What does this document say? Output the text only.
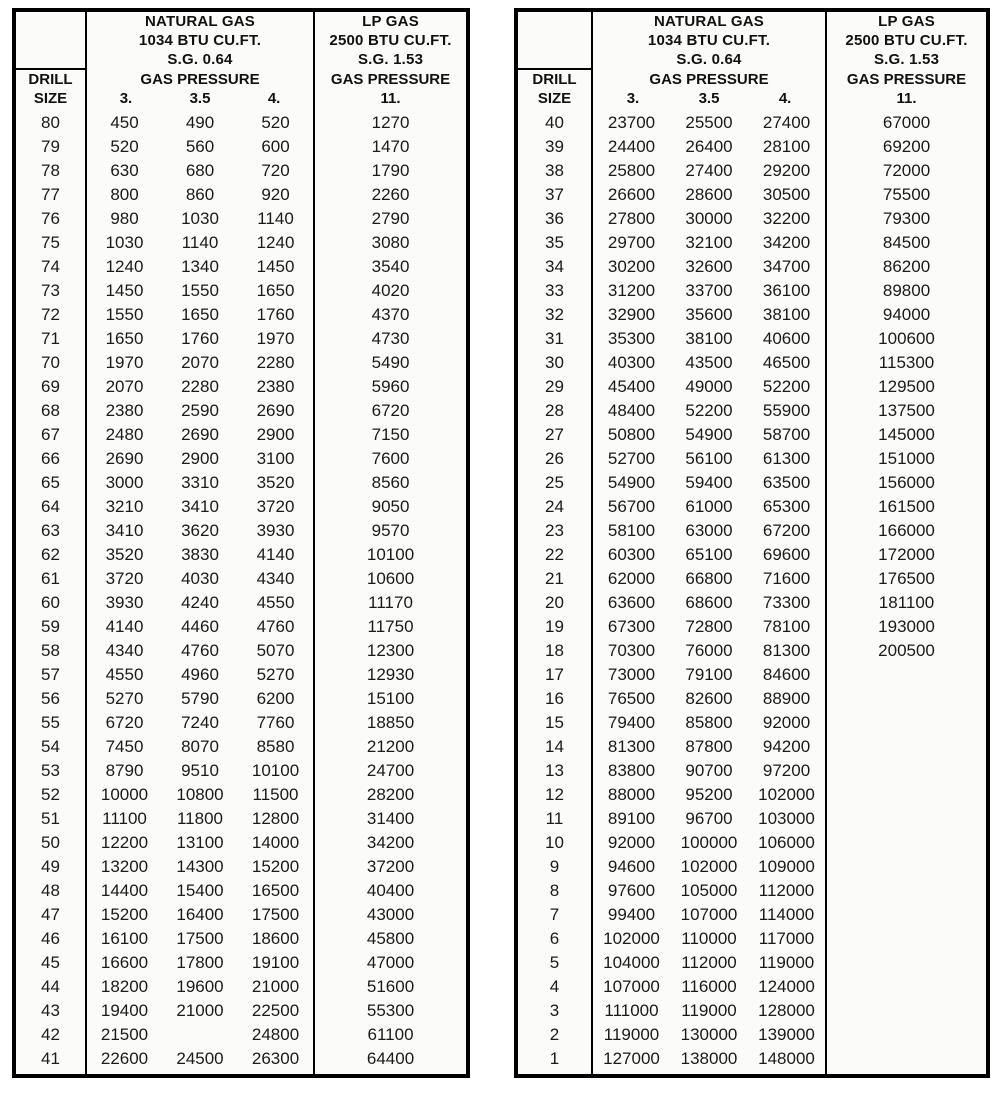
	NATURAL GAS
1034 BTU CU.FT.
S.G. 0.64			LP GAS
2500 BTU CU.FT.
S.G. 1.53

DRILL
SIZE	GAS PRESSURE
3. 3.5 4.			GAS PRESSURE
11.

80	450	490	520	1270
79	520	560	600	1470
78	630	680	720	1790
77	800	860	920	2260
76	980	1030	1140	2790
75	1030	1140	1240	3080
74	1240	1340	1450	3540
73	1450	1550	1650	4020
72	1550	1650	1760	4370
71	1650	1760	1970	4730
70	1970	2070	2280	5490
69	2070	2280	2380	5960
68	2380	2590	2690	6720
67	2480	2690	2900	7150
66	2690	2900	3100	7600
65	3000	3310	3520	8560
64	3210	3410	3720	9050
63	3410	3620	3930	9570
62	3520	3830	4140	10100
61	3720	4030	4340	10600
60	3930	4240	4550	11170
59	4140	4460	4760	11750
58	4340	4760	5070	12300
57	4550	4960	5270	12930
56	5270	5790	6200	15100
55	6720	7240	7760	18850
54	7450	8070	8580	21200
53	8790	9510	10100	24700
52	10000	10800	11500	28200
51	11100	11800	12800	31400
50	12200	13100	14000	34200
49	13200	14300	15200	37200
48	14400	15400	16500	40400
47	15200	16400	17500	43000
46	16100	17500	18600	45800
45	16600	17800	19100	47000
44	18200	19600	21000	51600
43	19400	21000	22500	55300
42	21500		24800	61100
41	22600	24500	26300	64400

	NATURAL GAS
1034 BTU CU.FT.
S.G. 0.64			LP GAS
2500 BTU CU.FT.
S.G. 1.53

DRILL
SIZE	GAS PRESSURE
3. 3.5 4.			GAS PRESSURE
11.

40	23700	25500	27400	67000
39	24400	26400	28100	69200
38	25800	27400	29200	72000
37	26600	28600	30500	75500
36	27800	30000	32200	79300
35	29700	32100	34200	84500
34	30200	32600	34700	86200
33	31200	33700	36100	89800
32	32900	35600	38100	94000
31	35300	38100	40600	100600
30	40300	43500	46500	115300
29	45400	49000	52200	129500
28	48400	52200	55900	137500
27	50800	54900	58700	145000
26	52700	56100	61300	151000
25	54900	59400	63500	156000
24	56700	61000	65300	161500
23	58100	63000	67200	166000
22	60300	65100	69600	172000
21	62000	66800	71600	176500
20	63600	68600	73300	181100
19	67300	72800	78100	193000
18	70300	76000	81300	200500
17	73000	79100	84600	
16	76500	82600	88900	
15	79400	85800	92000	
14	81300	87800	94200	
13	83800	90700	97200	
12	88000	95200	102000	
11	89100	96700	103000	
10	92000	100000	106000	
9	94600	102000	109000	
8	97600	105000	112000	
7	99400	107000	114000	
6	102000	110000	117000	
5	104000	112000	119000	
4	107000	116000	124000	
3	111000	119000	128000	
2	119000	130000	139000	
1	127000	138000	148000	
